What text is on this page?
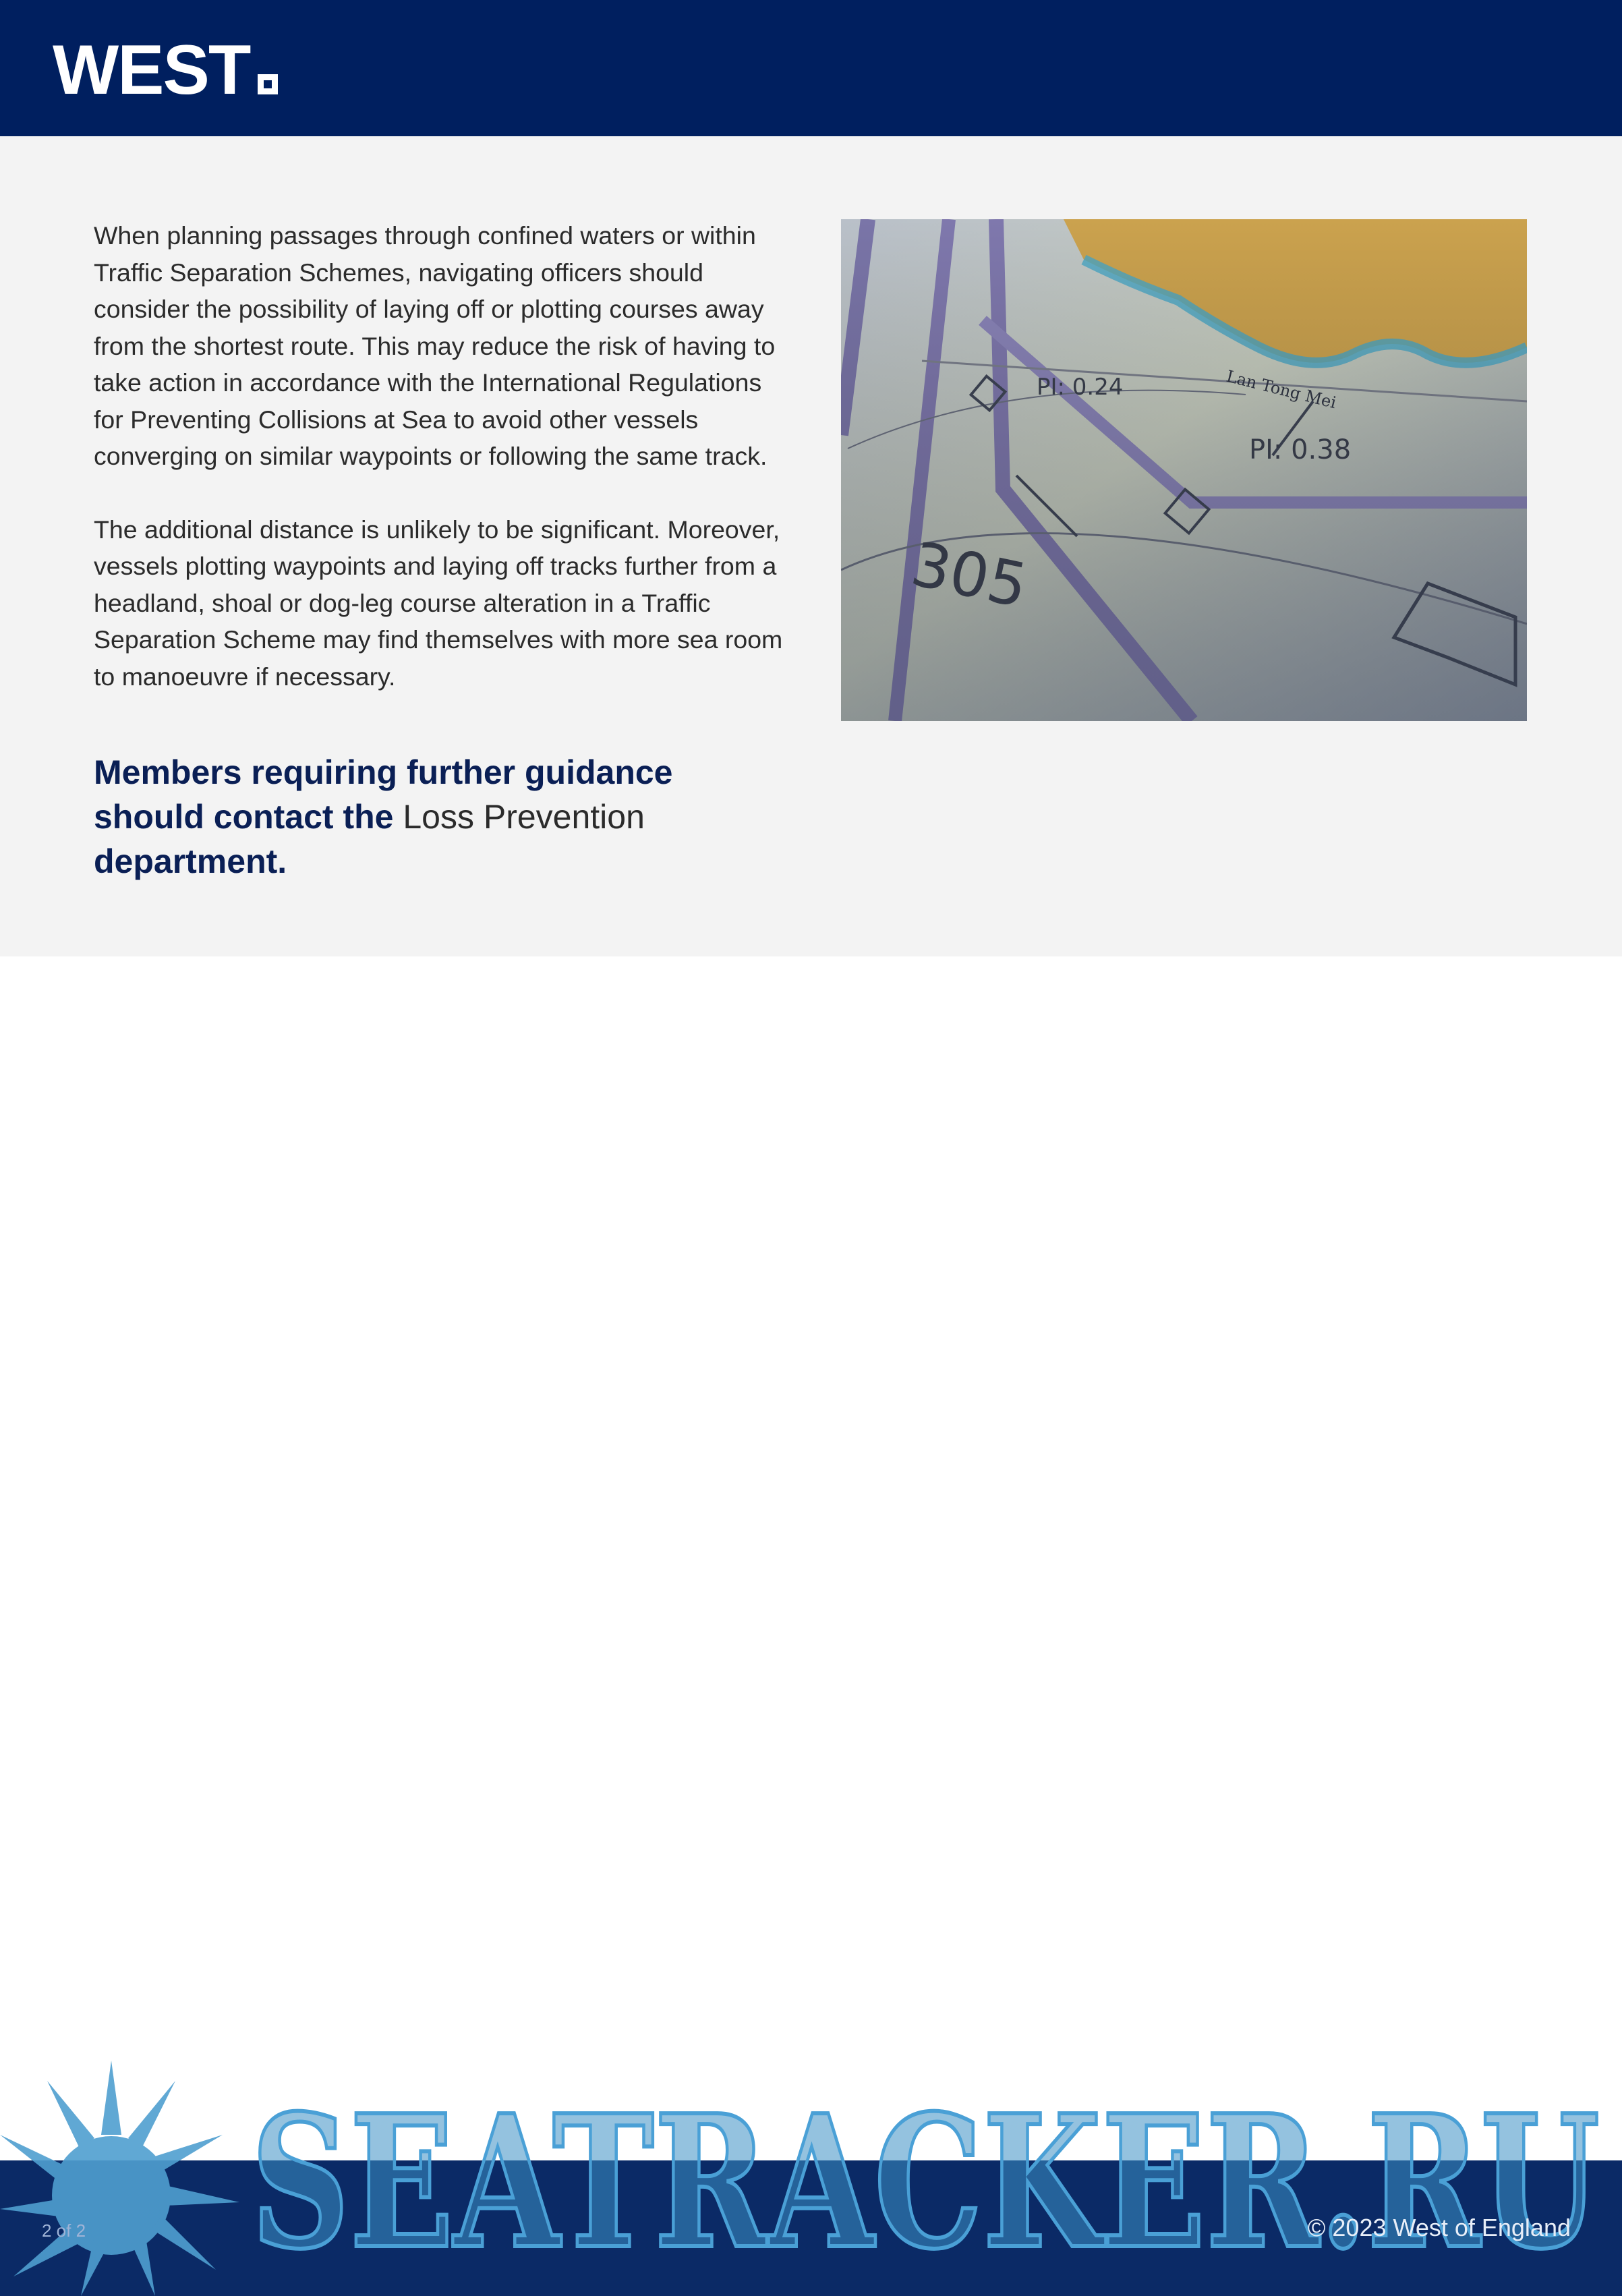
WEST

When planning passages through confined waters or within Traffic Separation Schemes, navigating officers should consider the possibility of laying off or plotting courses away from the shortest route. This may reduce the risk of having to take action in accordance with the International Regulations for Preventing Collisions at Sea to avoid other vessels converging on similar waypoints or following the same track.

The additional distance is unlikely to be significant. Moreover, vessels plotting waypoints and laying off tracks further from a headland, shoal or dog-leg course alteration in a Traffic Separation Scheme may find themselves with more sea room to manoeuvre if necessary.

Members requiring further guidance should contact the Loss Prevention department.
SEATRACKER.RU
2 of 2	© 2023 West of England
